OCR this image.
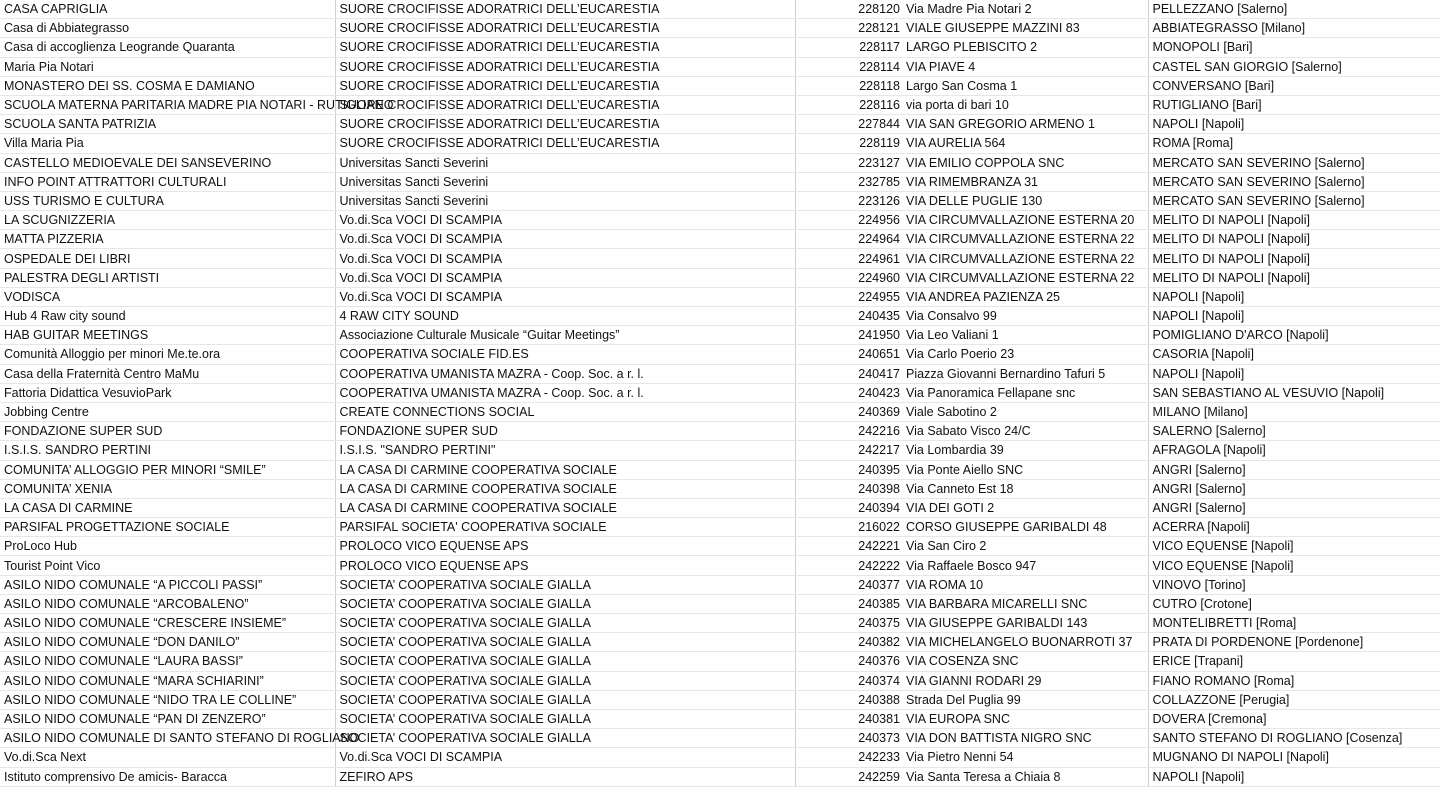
CASA CAPRIGLIA	SUORE CROCIFISSE ADORATRICI DELL’EUCARESTIA	228120	Via Madre Pia Notari 2	PELLEZZANO [Salerno]
Casa di Abbiategrasso	SUORE CROCIFISSE ADORATRICI DELL’EUCARESTIA	228121	VIALE GIUSEPPE MAZZINI 83	ABBIATEGRASSO [Milano]
Casa di accoglienza Leogrande Quaranta	SUORE CROCIFISSE ADORATRICI DELL’EUCARESTIA	228117	LARGO PLEBISCITO 2	MONOPOLI [Bari]
Maria Pia Notari	SUORE CROCIFISSE ADORATRICI DELL’EUCARESTIA	228114	VIA PIAVE 4	CASTEL SAN GIORGIO [Salerno]
MONASTERO DEI SS. COSMA E DAMIANO	SUORE CROCIFISSE ADORATRICI DELL’EUCARESTIA	228118	Largo San Cosma 1	CONVERSANO [Bari]
SCUOLA MATERNA PARITARIA MADRE PIA NOTARI - RUTIGLIANO	SUORE CROCIFISSE ADORATRICI DELL’EUCARESTIA	228116	via porta di bari 10	RUTIGLIANO [Bari]
SCUOLA SANTA PATRIZIA	SUORE CROCIFISSE ADORATRICI DELL’EUCARESTIA	227844	VIA SAN GREGORIO ARMENO 1	NAPOLI [Napoli]
Villa Maria Pia	SUORE CROCIFISSE ADORATRICI DELL’EUCARESTIA	228119	VIA AURELIA 564	ROMA [Roma]
CASTELLO MEDIOEVALE DEI SANSEVERINO	Universitas Sancti Severini	223127	VIA EMILIO COPPOLA SNC	MERCATO SAN SEVERINO [Salerno]
INFO POINT ATTRATTORI CULTURALI	Universitas Sancti Severini	232785	VIA RIMEMBRANZA 31	MERCATO SAN SEVERINO [Salerno]
USS TURISMO E CULTURA	Universitas Sancti Severini	223126	VIA DELLE PUGLIE 130	MERCATO SAN SEVERINO [Salerno]
LA SCUGNIZZERIA	Vo.di.Sca VOCI DI SCAMPIA	224956	VIA CIRCUMVALLAZIONE ESTERNA 20	MELITO DI NAPOLI [Napoli]
MATTA PIZZERIA	Vo.di.Sca VOCI DI SCAMPIA	224964	VIA CIRCUMVALLAZIONE ESTERNA 22	MELITO DI NAPOLI [Napoli]
OSPEDALE DEI LIBRI	Vo.di.Sca VOCI DI SCAMPIA	224961	VIA CIRCUMVALLAZIONE ESTERNA 22	MELITO DI NAPOLI [Napoli]
PALESTRA DEGLI ARTISTI	Vo.di.Sca VOCI DI SCAMPIA	224960	VIA CIRCUMVALLAZIONE ESTERNA 22	MELITO DI NAPOLI [Napoli]
VODISCA	Vo.di.Sca VOCI DI SCAMPIA	224955	VIA ANDREA PAZIENZA 25	NAPOLI [Napoli]
Hub 4 Raw city sound	4 RAW CITY SOUND	240435	Via Consalvo 99	NAPOLI [Napoli]
HAB GUITAR MEETINGS	Associazione Culturale Musicale “Guitar Meetings”	241950	Via Leo Valiani 1	POMIGLIANO D'ARCO [Napoli]
Comunità Alloggio per minori Me.te.ora	COOPERATIVA SOCIALE FID.ES	240651	Via Carlo Poerio 23	CASORIA [Napoli]
Casa della Fraternità Centro MaMu	COOPERATIVA UMANISTA MAZRA - Coop. Soc. a r. l.	240417	Piazza Giovanni Bernardino Tafuri 5	NAPOLI [Napoli]
Fattoria Didattica VesuvioPark	COOPERATIVA UMANISTA MAZRA - Coop. Soc. a r. l.	240423	Via Panoramica Fellapane snc	SAN SEBASTIANO AL VESUVIO [Napoli]
Jobbing Centre	CREATE CONNECTIONS SOCIAL	240369	Viale Sabotino 2	MILANO [Milano]
FONDAZIONE SUPER SUD	FONDAZIONE SUPER SUD	242216	Via Sabato Visco 24/C	SALERNO [Salerno]
I.S.I.S. SANDRO PERTINI	I.S.I.S. "SANDRO PERTINI"	242217	Via Lombardia 39	AFRAGOLA [Napoli]
COMUNITA’ ALLOGGIO PER MINORI “SMILE”	LA CASA DI CARMINE COOPERATIVA SOCIALE	240395	Via Ponte Aiello SNC	ANGRI [Salerno]
COMUNITA’ XENIA	LA CASA DI CARMINE COOPERATIVA SOCIALE	240398	Via Canneto Est 18	ANGRI [Salerno]
LA CASA DI CARMINE	LA CASA DI CARMINE COOPERATIVA SOCIALE	240394	VIA DEI GOTI 2	ANGRI [Salerno]
PARSIFAL PROGETTAZIONE SOCIALE	PARSIFAL SOCIETA' COOPERATIVA SOCIALE	216022	CORSO GIUSEPPE GARIBALDI 48	ACERRA [Napoli]
ProLoco Hub	PROLOCO VICO EQUENSE APS	242221	Via San Ciro 2	VICO EQUENSE [Napoli]
Tourist Point Vico	PROLOCO VICO EQUENSE APS	242222	Via Raffaele Bosco 947	VICO EQUENSE [Napoli]
ASILO NIDO COMUNALE “A PICCOLI PASSI”	SOCIETA’ COOPERATIVA SOCIALE GIALLA	240377	VIA ROMA 10	VINOVO [Torino]
ASILO NIDO COMUNALE “ARCOBALENO”	SOCIETA’ COOPERATIVA SOCIALE GIALLA	240385	VIA BARBARA MICARELLI SNC	CUTRO [Crotone]
ASILO NIDO COMUNALE “CRESCERE INSIEME”	SOCIETA’ COOPERATIVA SOCIALE GIALLA	240375	VIA GIUSEPPE GARIBALDI 143	MONTELIBRETTI [Roma]
ASILO NIDO COMUNALE “DON DANILO”	SOCIETA’ COOPERATIVA SOCIALE GIALLA	240382	VIA MICHELANGELO BUONARROTI 37	PRATA DI PORDENONE [Pordenone]
ASILO NIDO COMUNALE “LAURA BASSI”	SOCIETA’ COOPERATIVA SOCIALE GIALLA	240376	VIA COSENZA SNC	ERICE [Trapani]
ASILO NIDO COMUNALE “MARA SCHIARINI”	SOCIETA’ COOPERATIVA SOCIALE GIALLA	240374	VIA GIANNI RODARI 29	FIANO ROMANO [Roma]
ASILO NIDO COMUNALE “NIDO TRA LE COLLINE”	SOCIETA’ COOPERATIVA SOCIALE GIALLA	240388	Strada Del Puglia 99	COLLAZZONE [Perugia]
ASILO NIDO COMUNALE “PAN DI ZENZERO”	SOCIETA’ COOPERATIVA SOCIALE GIALLA	240381	VIA EUROPA SNC	DOVERA [Cremona]
ASILO NIDO COMUNALE DI SANTO STEFANO DI ROGLIANO	SOCIETA’ COOPERATIVA SOCIALE GIALLA	240373	VIA DON BATTISTA NIGRO SNC	SANTO STEFANO DI ROGLIANO [Cosenza]
Vo.di.Sca Next	Vo.di.Sca VOCI DI SCAMPIA	242233	Via Pietro Nenni 54	MUGNANO DI NAPOLI [Napoli]
Istituto comprensivo De amicis- Baracca	ZEFIRO APS	242259	Via Santa Teresa a Chiaia 8	NAPOLI [Napoli]
